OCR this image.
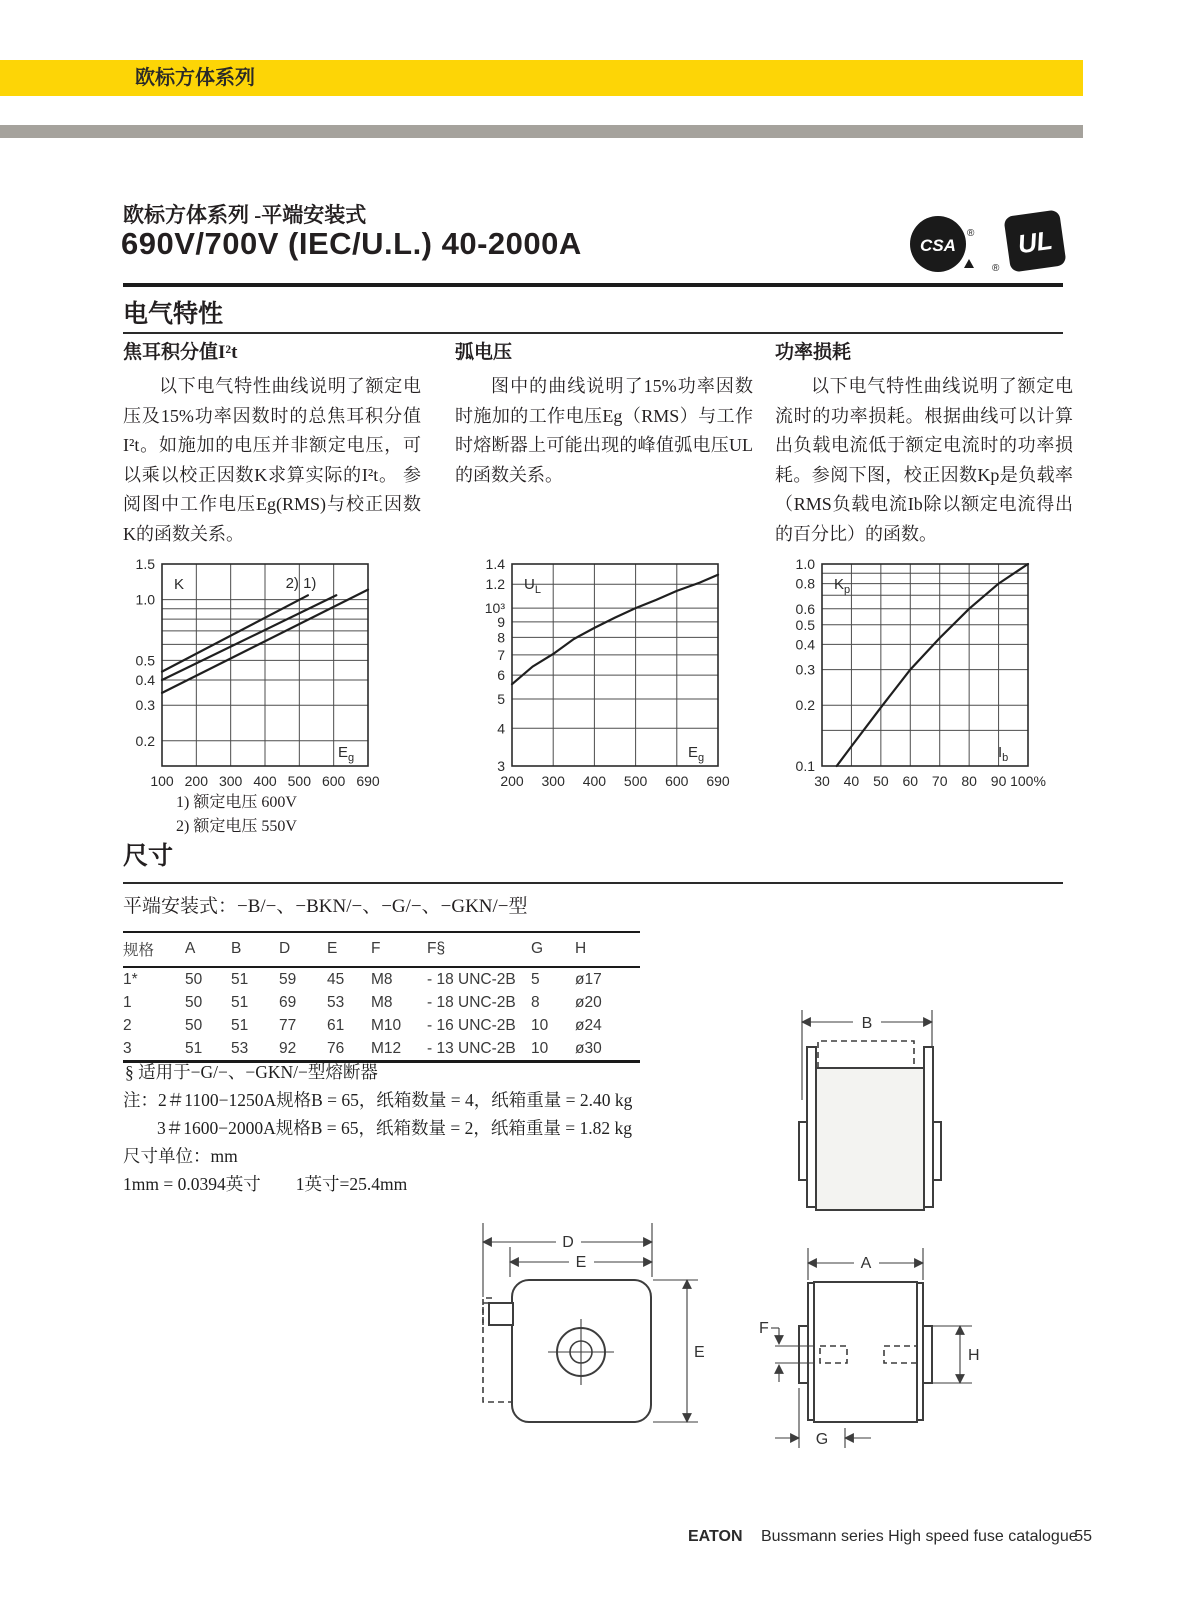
欧标方体系列
欧标方体系列 -平端安装式
690V/700V (IEC/U.L.) 40-2000A	CSA
® UL
®
电气特性
焦耳积分值I²t

以下电气特性曲线说明了额定电压及15%功率因数时的总焦耳积分值I²t。如施加的电压并非额定电压，可以乘以校正因数K求算实际的I²t。 参阅图中工作电压Eg(RMS)与校正因数K的函数关系。

弧电压

图中的曲线说明了15%功率因数时施加的工作电压Eg（RMS）与工作时熔断器上可能出现的峰值弧电压UL的函数关系。

功率损耗

以下电气特性曲线说明了额定电流时的功率损耗。根据曲线可以计算出负载电流低于额定电流时的功率损耗。参阅下图，校正因数Kp是负载率（RMS负载电流Ib除以额定电流得出的百分比）的函数。

1.5
1.0
0.5
0.4
0.3
0.2
100 200 300 400 500 600 690
K
$E_g$
2) 1)
1.4
1.2
10³
9
8
7
6
5
4
3
200 300 400 500 600 690
$U_L$
$E_g$
1.0
0.8
0.6
0.5
0.4
0.3
0.2
0.1
30 40 50 60 70 80 90 100%
$K_p$
$I_b$
1) 额定电压 600V
2) 额定电压 550V
尺寸
平端安装式：−B/−、−BKN/−、−G/−、−GKN/−型
规格	A	B	D	E	F	F§	G	H
1*	50	51	59	45	M8	- 18 UNC-2B	5	ø17
1	50	51	69	53	M8	- 18 UNC-2B	8	ø20
2	50	51	77	61	M10	- 16 UNC-2B	10	ø24
3	51	53	92	76	M12	- 13 UNC-2B	10	ø30
§ 适用于−G/−、−GKN/−型熔断器
注：2＃1100−1250A规格B = 65，纸箱数量 = 4，纸箱重量 = 2.40 kg
3＃1600−2000A规格B = 65，纸箱数量 = 2，纸箱重量 = 1.82 kg
尺寸单位：mm
1mm = 0.0394英寸　　1英寸=25.4mm
B
D
E
E
A
F
H
G
EATON Bussmann series High speed fuse catalogue
55
